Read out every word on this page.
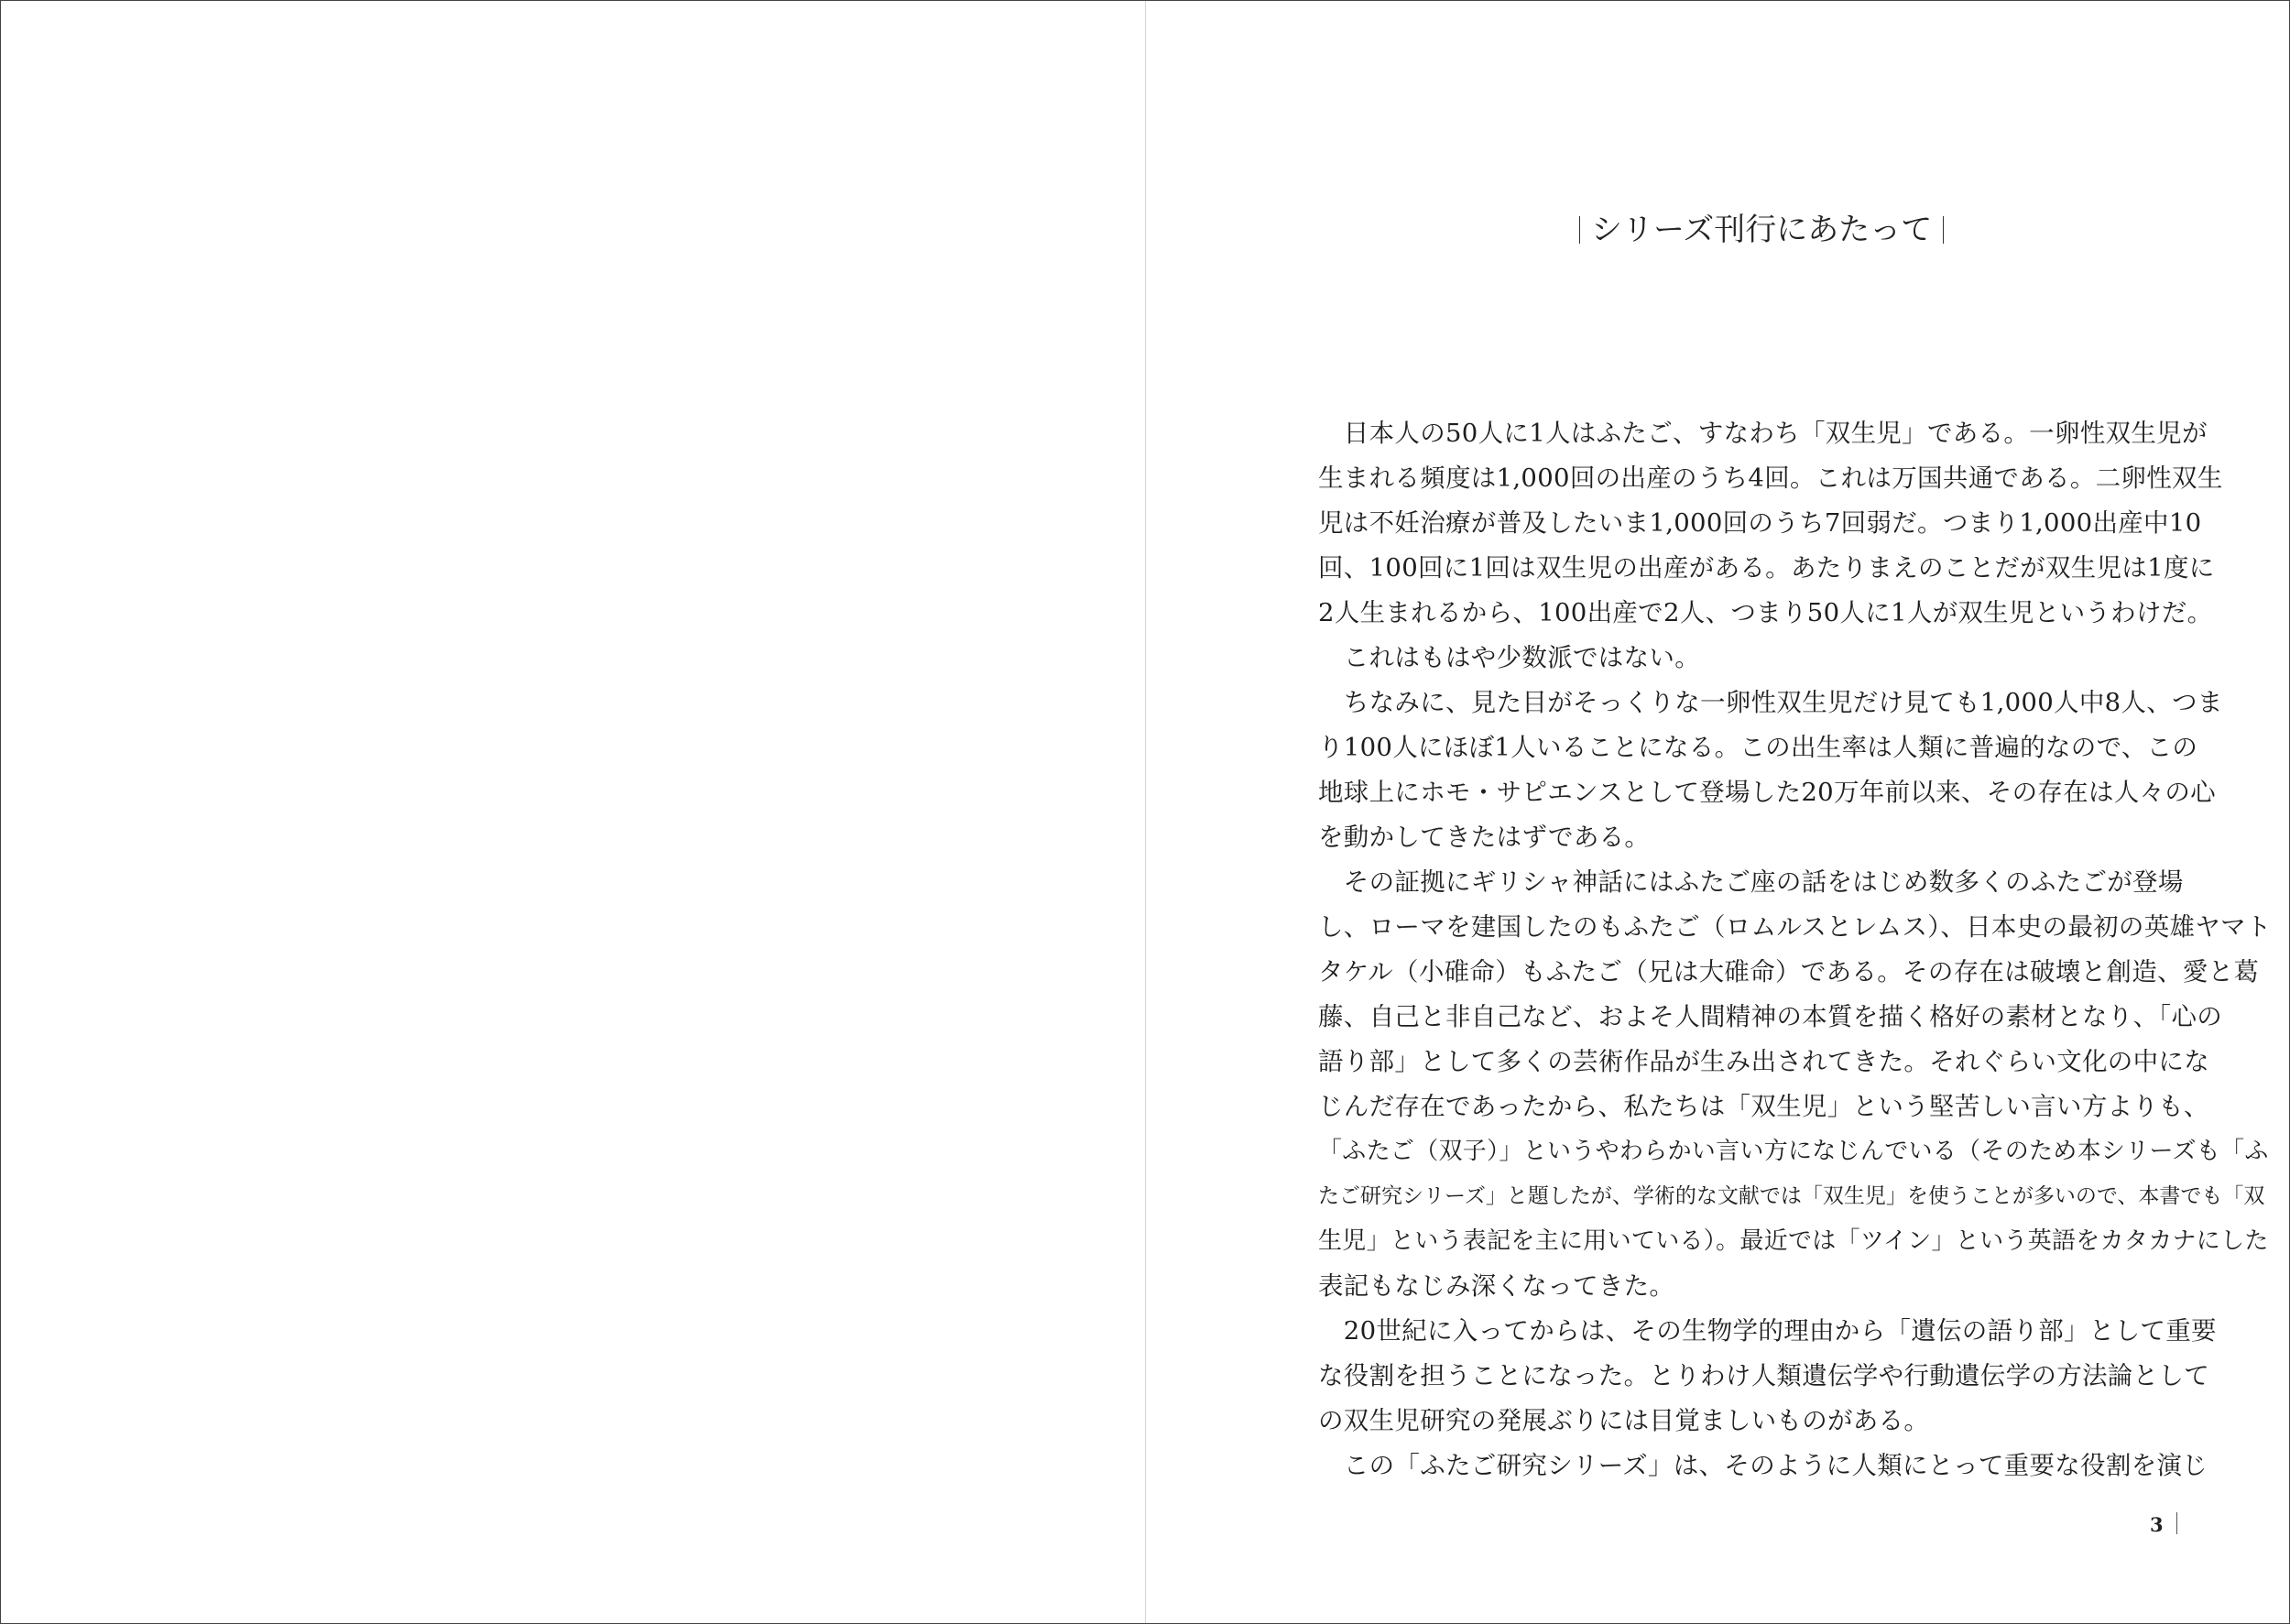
シリーズ刊行にあたって
　日本人の50人に1人はふたご、すなわち「双生児」である。一卵性双生児が
生まれる頻度は1,000回の出産のうち4回。これは万国共通である。二卵性双生
児は不妊治療が普及したいま1,000回のうち7回弱だ。つまり1,000出産中10
回、100回に1回は双生児の出産がある。あたりまえのことだが双生児は1度に
2人生まれるから、100出産で2人、つまり50人に1人が双生児というわけだ。
　これはもはや少数派ではない。
　ちなみに、見た目がそっくりな一卵性双生児だけ見ても1,000人中8人、つま
り100人にほぼ1人いることになる。この出生率は人類に普遍的なので、この
地球上にホモ・サピエンスとして登場した20万年前以来、その存在は人々の心
を動かしてきたはずである。
　その証拠にギリシャ神話にはふたご座の話をはじめ数多くのふたごが登場
し、ローマを建国したのもふたご（ロムルスとレムス）、日本史の最初の英雄ヤマト
タケル（小碓命）もふたご（兄は大碓命）である。その存在は破壊と創造、愛と葛
藤、自己と非自己など、およそ人間精神の本質を描く格好の素材となり、「心の
語り部」として多くの芸術作品が生み出されてきた。それぐらい文化の中にな
じんだ存在であったから、私たちは「双生児」という堅苦しい言い方よりも、
「ふたご（双子）」というやわらかい言い方になじんでいる（そのため本シリーズも「ふ
たご研究シリーズ」と題したが、学術的な文献では「双生児」を使うことが多いので、本書でも「双
生児」という表記を主に用いている）。最近では「ツイン」という英語をカタカナにした
表記もなじみ深くなってきた。
　20世紀に入ってからは、その生物学的理由から「遺伝の語り部」として重要
な役割を担うことになった。とりわけ人類遺伝学や行動遺伝学の方法論として
の双生児研究の発展ぶりには目覚ましいものがある。
　この「ふたご研究シリーズ」は、そのように人類にとって重要な役割を演じ
3
